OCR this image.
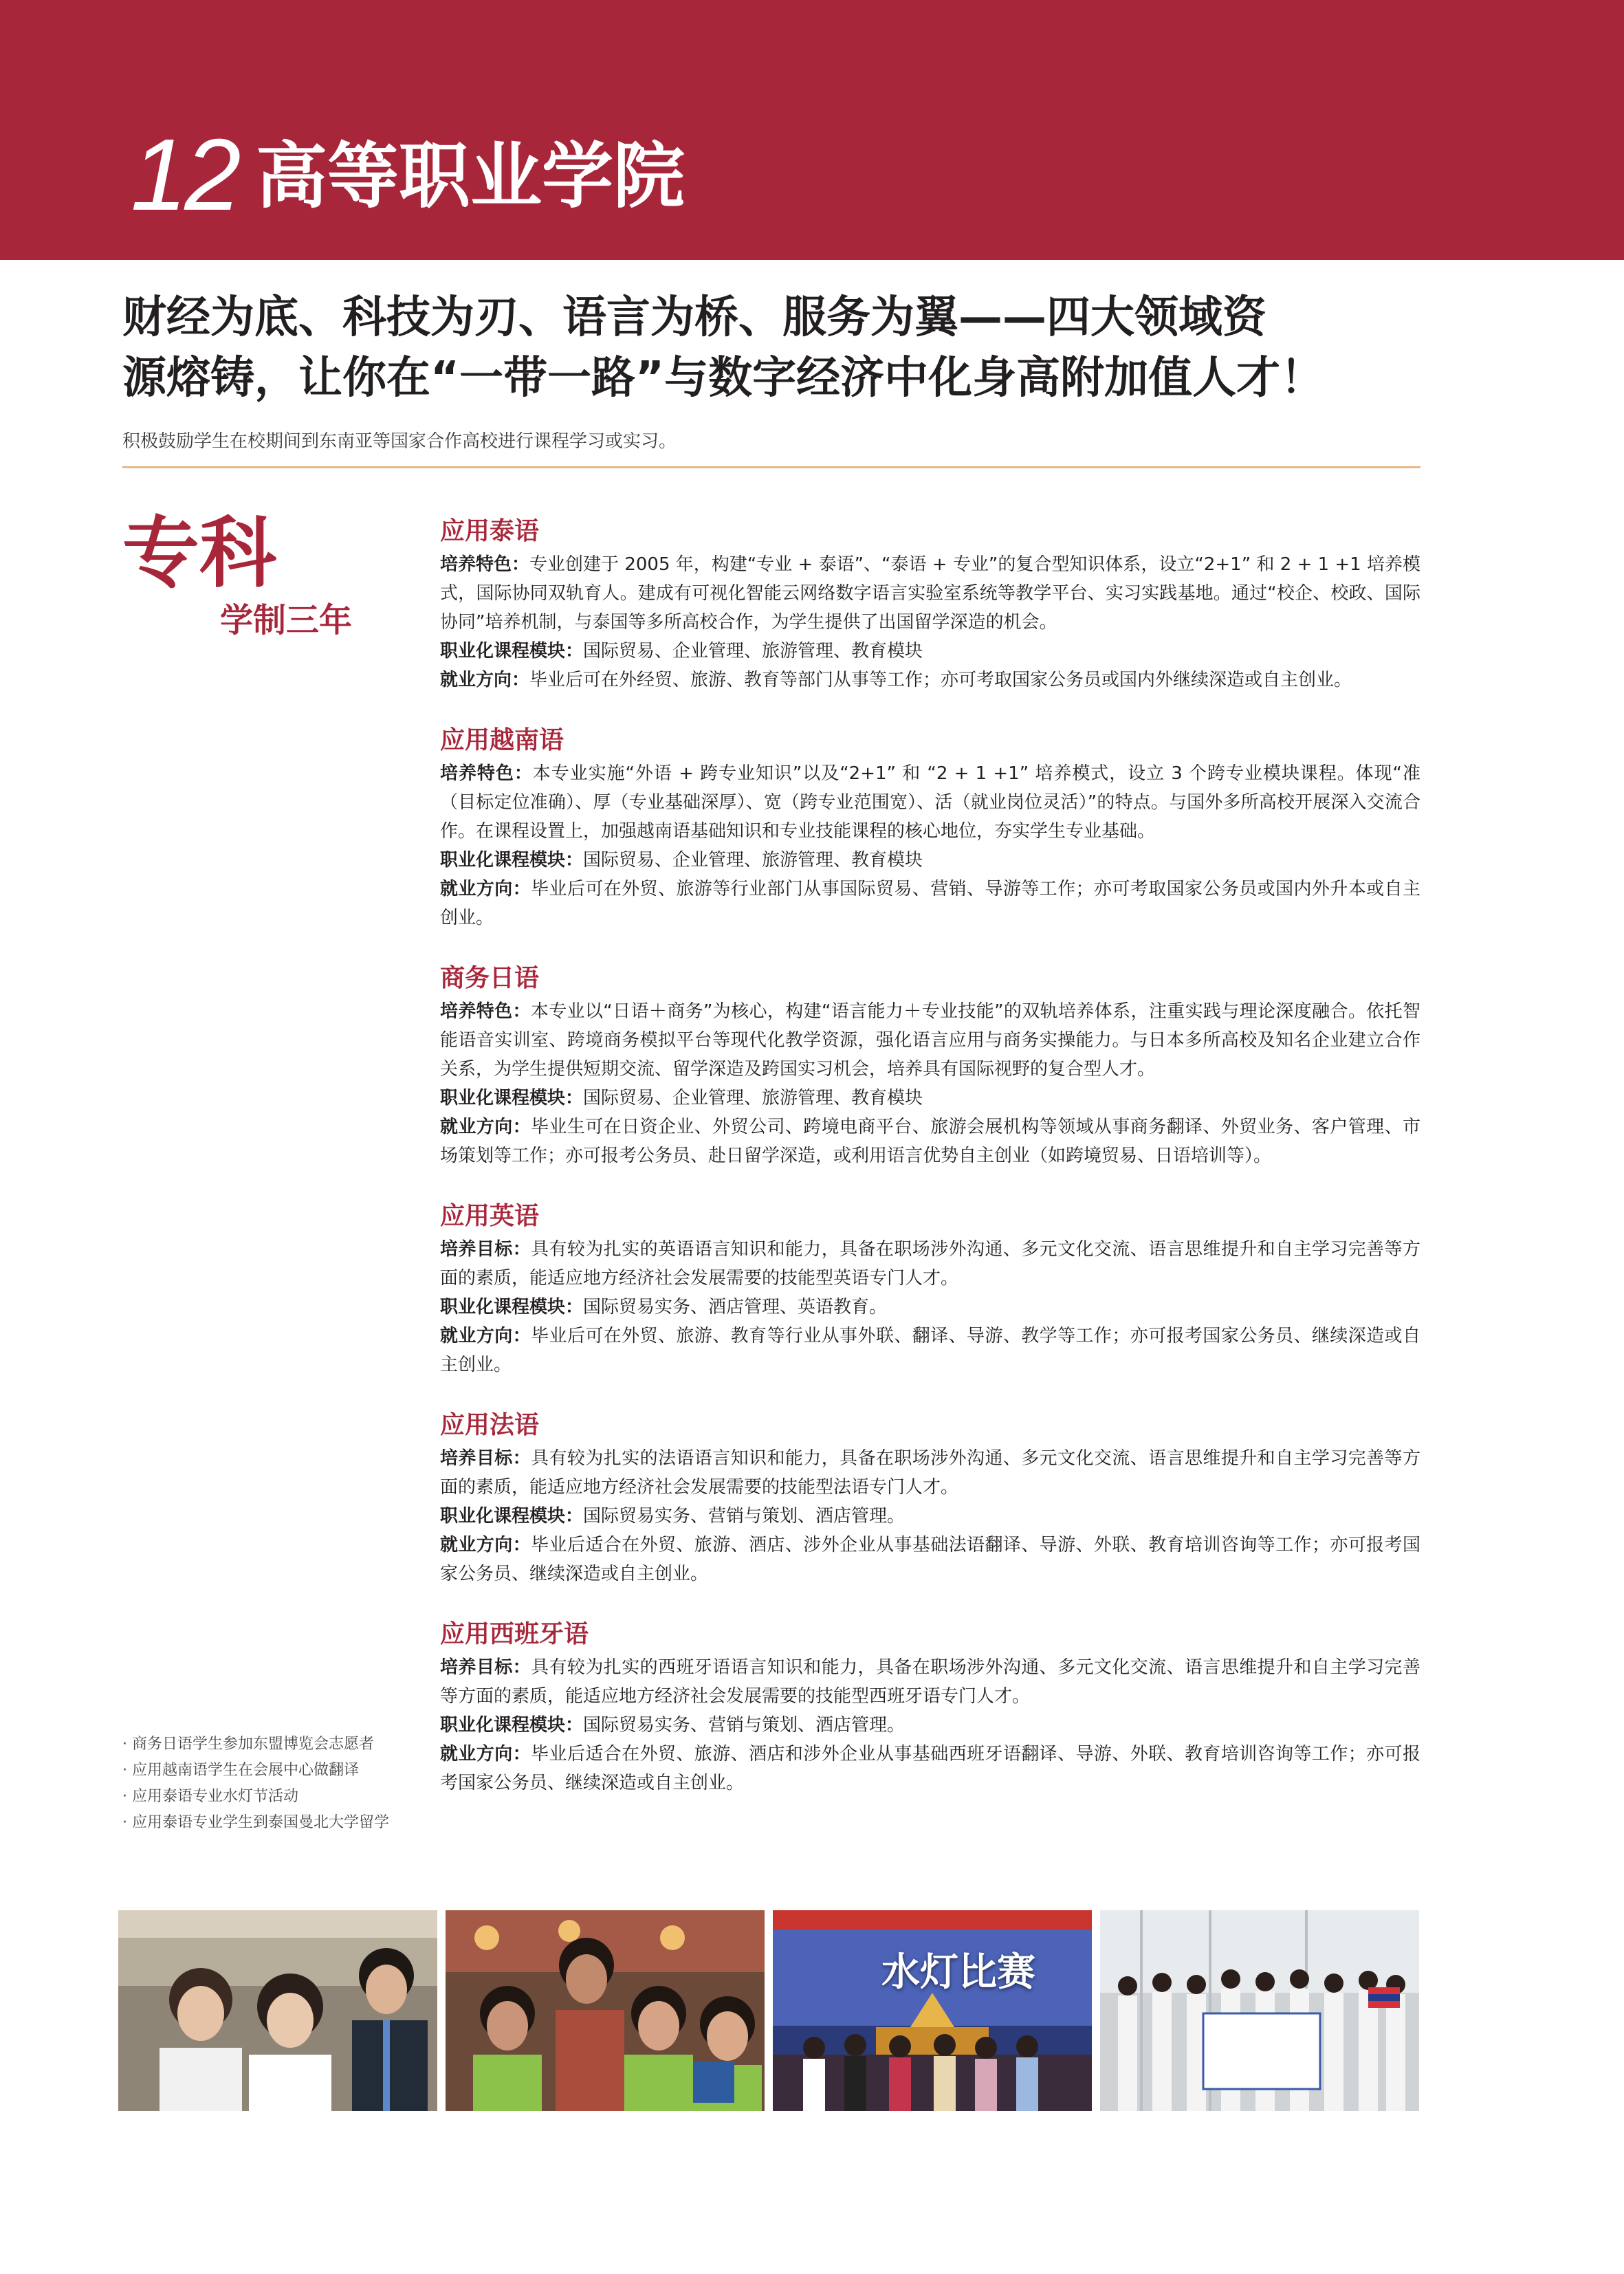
12 高等职业学院
财经为底、科技为刃、语言为桥、服务为翼——四大领域资
源熔铸，让你在“一带一路”与数字经济中化身高附加值人才！
积极鼓励学生在校期间到东南亚等国家合作高校进行课程学习或实习。
专科
学制三年
应用泰语
培养特色：专业创建于 2005 年，构建“专业 + 泰语”、“泰语 + 专业”的复合型知识体系，设立“2+1” 和 2 + 1 +1 培养模式，国际协同双轨育人。建成有可视化智能云网络数字语言实验室系统等教学平台、实习实践基地。通过“校企、校政、国际协同”培养机制，与泰国等多所高校合作，为学生提供了出国留学深造的机会。
职业化课程模块：国际贸易、企业管理、旅游管理、教育模块
就业方向：毕业后可在外经贸、旅游、教育等部门从事等工作；亦可考取国家公务员或国内外继续深造或自主创业。
应用越南语
培养特色：本专业实施“外语 + 跨专业知识”以及“2+1” 和 “2 + 1 +1” 培养模式，设立 3 个跨专业模块课程。体现“准（目标定位准确）、厚（专业基础深厚）、宽（跨专业范围宽）、活（就业岗位灵活）”的特点。与国外多所高校开展深入交流合作。在课程设置上，加强越南语基础知识和专业技能课程的核心地位，夯实学生专业基础。
职业化课程模块：国际贸易、企业管理、旅游管理、教育模块
就业方向：毕业后可在外贸、旅游等行业部门从事国际贸易、营销、导游等工作；亦可考取国家公务员或国内外升本或自主创业。
商务日语
培养特色：本专业以“日语＋商务”为核心，构建“语言能力＋专业技能”的双轨培养体系，注重实践与理论深度融合。依托智能语音实训室、跨境商务模拟平台等现代化教学资源，强化语言应用与商务实操能力。与日本多所高校及知名企业建立合作关系，为学生提供短期交流、留学深造及跨国实习机会，培养具有国际视野的复合型人才。
职业化课程模块：国际贸易、企业管理、旅游管理、教育模块
就业方向：毕业生可在日资企业、外贸公司、跨境电商平台、旅游会展机构等领域从事商务翻译、外贸业务、客户管理、市场策划等工作；亦可报考公务员、赴日留学深造，或利用语言优势自主创业（如跨境贸易、日语培训等）。
应用英语
培养目标：具有较为扎实的英语语言知识和能力，具备在职场涉外沟通、多元文化交流、语言思维提升和自主学习完善等方面的素质，能适应地方经济社会发展需要的技能型英语专门人才。
职业化课程模块：国际贸易实务、酒店管理、英语教育。
就业方向：毕业后可在外贸、旅游、教育等行业从事外联、翻译、导游、教学等工作；亦可报考国家公务员、继续深造或自主创业。
应用法语
培养目标：具有较为扎实的法语语言知识和能力，具备在职场涉外沟通、多元文化交流、语言思维提升和自主学习完善等方面的素质，能适应地方经济社会发展需要的技能型法语专门人才。
职业化课程模块：国际贸易实务、营销与策划、酒店管理。
就业方向：毕业后适合在外贸、旅游、酒店、涉外企业从事基础法语翻译、导游、外联、教育培训咨询等工作；亦可报考国家公务员、继续深造或自主创业。
应用西班牙语
培养目标：具有较为扎实的西班牙语语言知识和能力，具备在职场涉外沟通、多元文化交流、语言思维提升和自主学习完善等方面的素质，能适应地方经济社会发展需要的技能型西班牙语专门人才。
职业化课程模块：国际贸易实务、营销与策划、酒店管理。
就业方向：毕业后适合在外贸、旅游、酒店和涉外企业从事基础西班牙语翻译、导游、外联、教育培训咨询等工作；亦可报考国家公务员、继续深造或自主创业。
· 商务日语学生参加东盟博览会志愿者
· 应用越南语学生在会展中心做翻译
· 应用泰语专业水灯节活动
· 应用泰语专业学生到泰国曼北大学留学
水灯比赛
